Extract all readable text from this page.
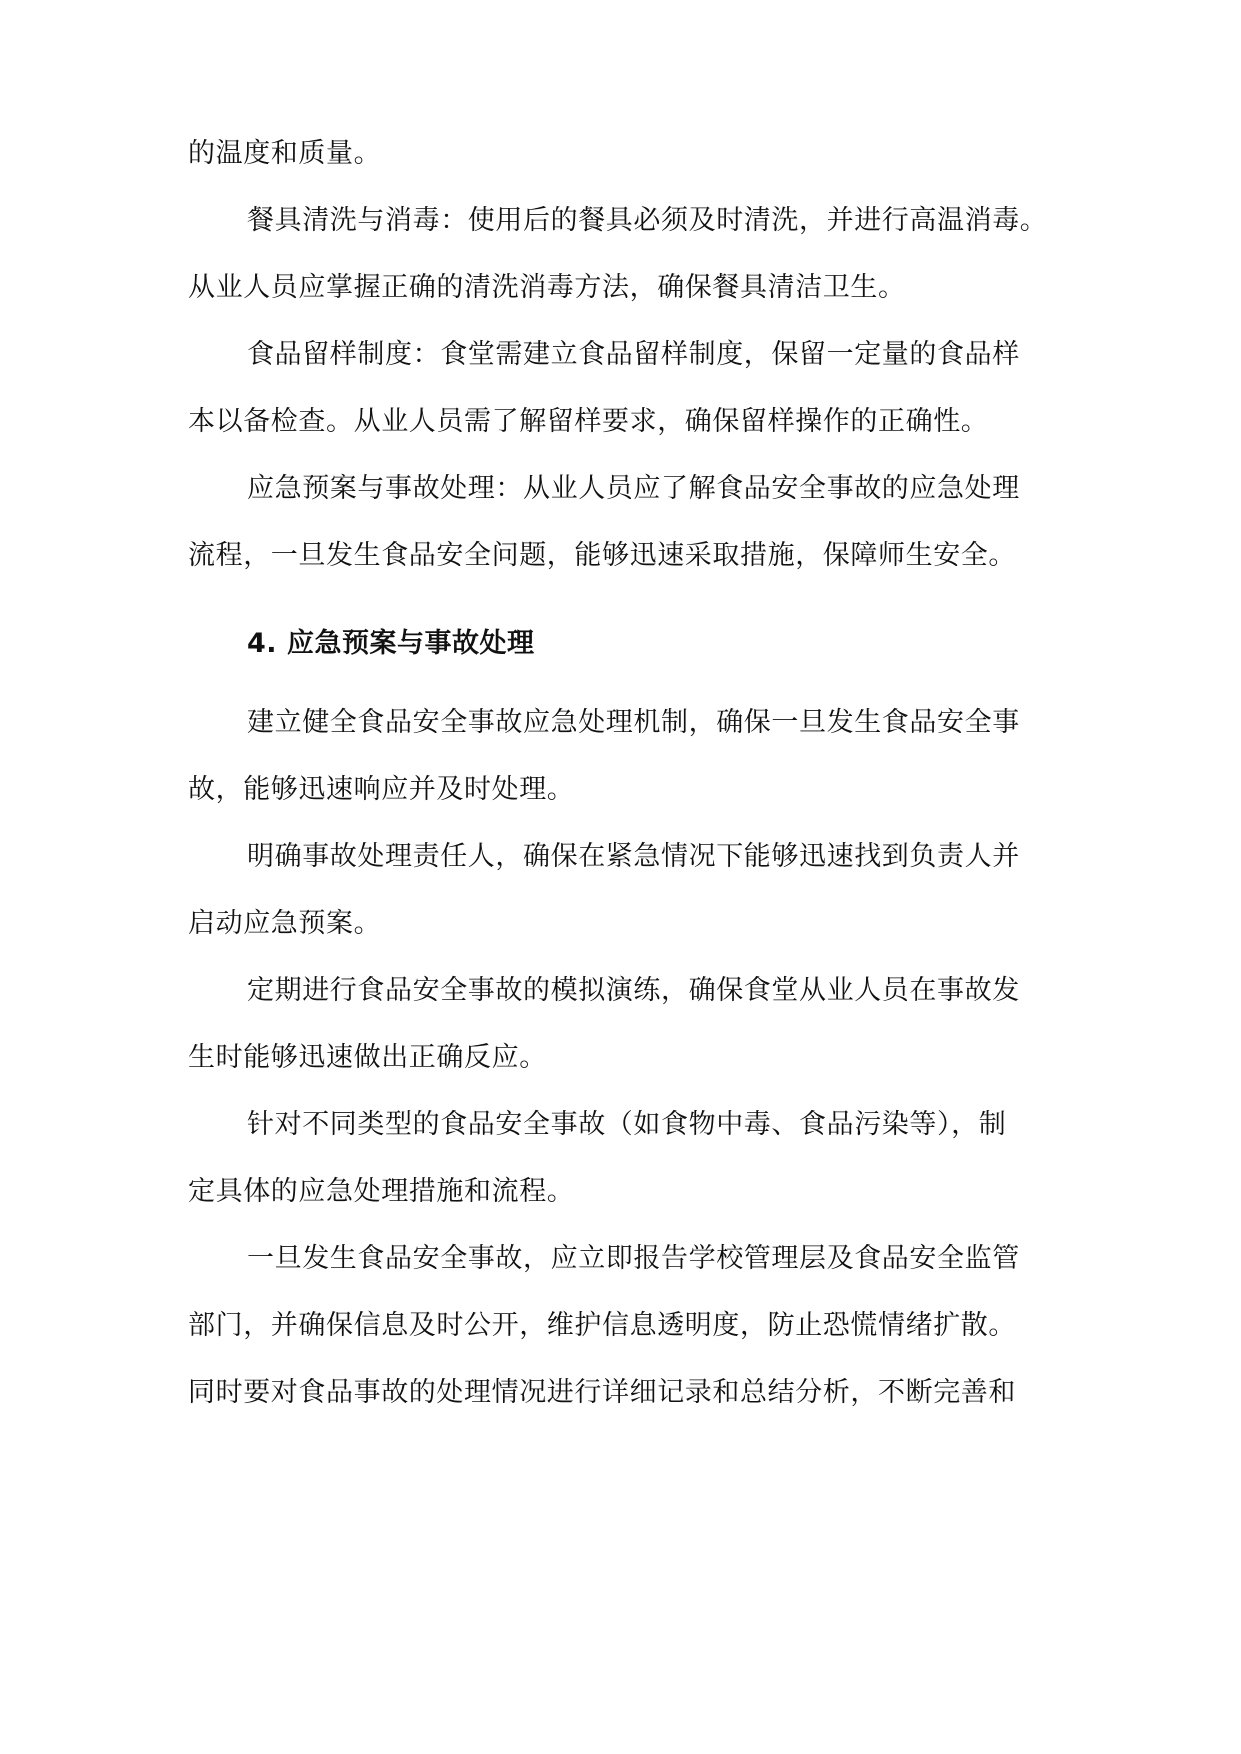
的温度和质量。
餐具清洗与消毒：使用后的餐具必须及时清洗，并进行高温消毒。
从业人员应掌握正确的清洗消毒方法，确保餐具清洁卫生。
食品留样制度：食堂需建立食品留样制度，保留一定量的食品样
本以备检查。从业人员需了解留样要求，确保留样操作的正确性。
应急预案与事故处理：从业人员应了解食品安全事故的应急处理
流程，一旦发生食品安全问题，能够迅速采取措施，保障师生安全。
4. 应急预案与事故处理
建立健全食品安全事故应急处理机制，确保一旦发生食品安全事
故，能够迅速响应并及时处理。
明确事故处理责任人，确保在紧急情况下能够迅速找到负责人并
启动应急预案。
定期进行食品安全事故的模拟演练，确保食堂从业人员在事故发
生时能够迅速做出正确反应。
针对不同类型的食品安全事故（如食物中毒、食品污染等），制
定具体的应急处理措施和流程。
一旦发生食品安全事故，应立即报告学校管理层及食品安全监管
部门，并确保信息及时公开，维护信息透明度，防止恐慌情绪扩散。
同时要对食品事故的处理情况进行详细记录和总结分析，不断完善和
